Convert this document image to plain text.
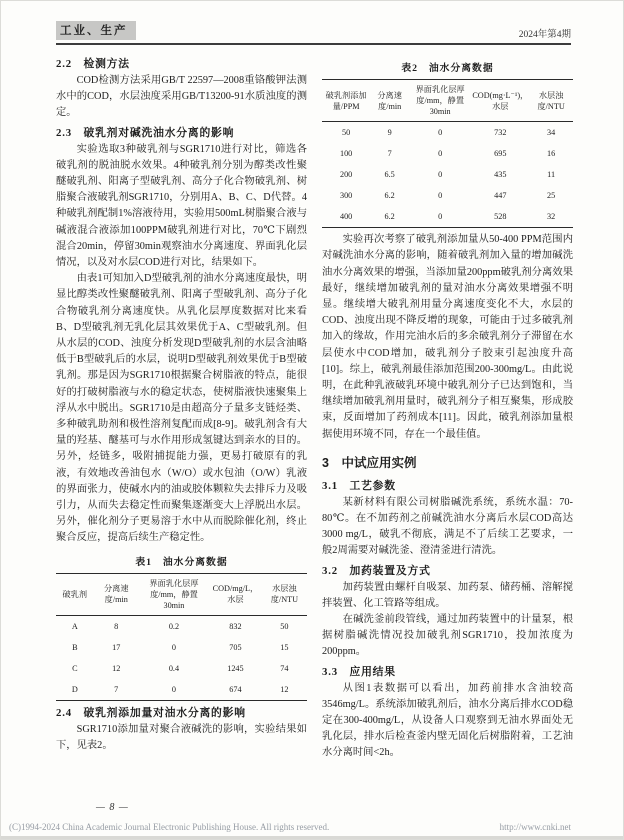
工业、生产	2024年第4期
2.2　检测方法

COD检测方法采用GB/T 22597—2008重铬酸钾法测水中的COD，水层浊度采用GB/T13200-91水质浊度的测定。

2.3　破乳剂对碱洗油水分离的影响

实验选取3种破乳剂与SGR1710进行对比，筛选各破乳剂的脱油脱水效果。4种破乳剂分别为醇类改性聚醚破乳剂、阳离子型破乳剂、高分子化合物破乳剂、树脂聚合液破乳剂SGR1710，分别用A、B、C、D代替。4种破乳剂配制1%溶液待用，实验用500mL树脂聚合液与碱液混合液添加100PPM破乳剂进行对比，70℃下剧烈混合20min，停留30min观察油水分离速度、界面乳化层情况，以及对水层COD进行对比，结果如下。

由表1可知加入D型破乳剂的油水分离速度最快，明显比醇类改性聚醚破乳剂、阳离子型破乳剂、高分子化合物破乳剂分离速度快。从乳化层厚度数据对比来看B、D型破乳剂无乳化层其效果优于A、C型破乳剂。但从水层的COD、浊度分析发现D型破乳剂的水层含油略低于B型破乳后的水层，说明D型破乳剂效果优于B型破乳剂。那是因为SGR1710根据聚合树脂液的特点，能很好的打破树脂液与水的稳定状态，使树脂液快速聚集上浮从水中脱出。SGR1710是由超高分子量多支链烃类、多种破乳助剂和极性溶剂复配而成[8-9]。破乳剂含有大量的羟基、醚基可与水作用形成氢键达到亲水的目的。另外，烃链多，吸附捕捉能力强，更易打破原有的乳液，有效地改善油包水（W/O）或水包油（O/W）乳液的界面张力，使碱水内的油或胶体颗粒失去排斥力及吸引力，从而失去稳定性而聚集逐渐变大上浮脱出水层。另外，催化剂分子更易溶于水中从而脱除催化剂，终止聚合反应，提高后续生产稳定性。

表1　油水分离数据
破乳剂	分离速度/min	界面乳化层厚度/mm，静置30min	COD/mg/L，水层	水层浊度/NTU
A	8	0.2	832	50
B	17	0	705	15
C	12	0.4	1245	74
D	7	0	674	12
2.4　破乳剂添加量对油水分离的影响

SGR1710添加量对聚合液碱洗的影响，实验结果如下，见表2。

表2　油水分离数据
破乳剂添加量/PPM	分离速度/min	界面乳化层厚度/mm，静置30min	COD(mg·L⁻¹)，水层	水层浊度/NTU
50	9	0	732	34
100	7	0	695	16
200	6.5	0	435	11
300	6.2	0	447	25
400	6.2	0	528	32

实验再次考察了破乳剂添加量从50-400 PPM范围内对碱洗油水分离的影响，随着破乳剂加入量的增加碱洗油水分离效果的增强，当添加量200ppm破乳剂分离效果最好，继续增加破乳剂的量对油水分离效果增强不明显。继续增大破乳剂用量分离速度变化不大，水层的COD、浊度出现不降反增的现象，可能由于过多破乳剂加入的缘故，作用完油水后的多余破乳剂分子滞留在水层使水中COD增加，破乳剂分子胶束引起浊度升高[10]。综上，破乳剂最佳添加范围200-300mg/L。由此说明，在此种乳液破乳环境中破乳剂分子已达到饱和，当继续增加破乳剂用量时，破乳剂分子相互聚集，形成胶束，反面增加了药剂成本[11]。因此，破乳剂添加量根据使用环境不同，存在一个最佳值。

3　中试应用实例
3.1　工艺参数

某新材料有限公司树脂碱洗系统，系统水温：70-80℃。在不加药剂之前碱洗油水分离后水层COD高达3000 mg/L，破乳不彻底，满足不了后续工艺要求，一般2周需要对碱洗釜、澄清釜进行清洗。

3.2　加药装置及方式

加药装置由螺杆自吸泵、加药泵、储药桶、溶解搅拌装置、化工管路等组成。

在碱洗釜前段管线，通过加药装置中的计量泵，根据树脂碱洗情况投加破乳剂SGR1710，投加浓度为200ppm。

3.3　应用结果

从图1表数据可以看出，加药前排水含油较高3546mg/L。系统添加破乳剂后，油水分离后排水COD稳定在300-400mg/L，从设备人口观察到无油水界面处无乳化层，排水后检查釜内壁无固化后树脂附着，工艺油水分离时间<2h。

— 8 —
(C)1994-2024 China Academic Journal Electronic Publishing House. All rights reserved.	http://www.cnki.net
